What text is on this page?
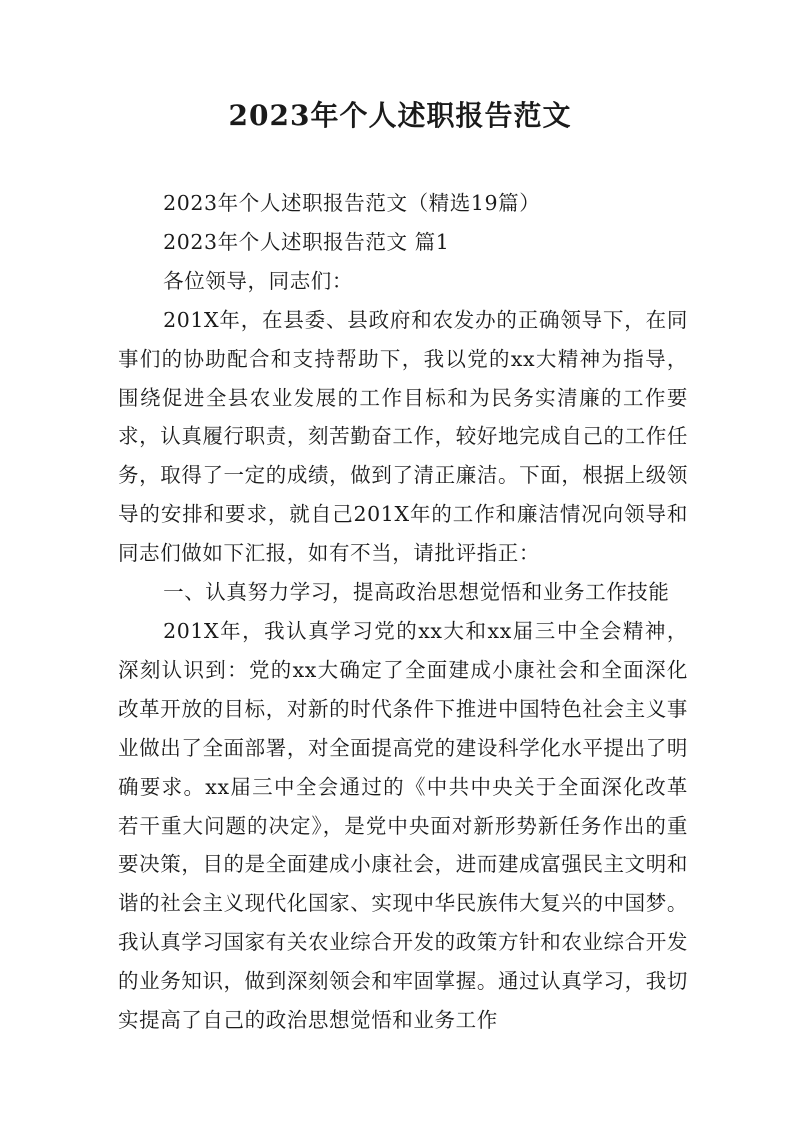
2023年个人述职报告范文

2023年个人述职报告范文（精选19篇）

2023年个人述职报告范文 篇1

各位领导，同志们：

201X年，在县委、县政府和农发办的正确领导下，在同事们的协助配合和支持帮助下，我以党的xx大精神为指导，围绕促进全县农业发展的工作目标和为民务实清廉的工作要求，认真履行职责，刻苦勤奋工作，较好地完成自己的工作任务，取得了一定的成绩，做到了清正廉洁。下面，根据上级领导的安排和要求，就自己201X年的工作和廉洁情况向领导和同志们做如下汇报，如有不当，请批评指正：

一、认真努力学习，提高政治思想觉悟和业务工作技能

201X年，我认真学习党的xx大和xx届三中全会精神，深刻认识到：党的xx大确定了全面建成小康社会和全面深化改革开放的目标，对新的时代条件下推进中国特色社会主义事业做出了全面部署，对全面提高党的建设科学化水平提出了明确要求。xx届三中全会通过的《中共中央关于全面深化改革若干重大问题的决定》，是党中央面对新形势新任务作出的重要决策，目的是全面建成小康社会，进而建成富强民主文明和谐的社会主义现代化国家、实现中华民族伟大复兴的中国梦。我认真学习国家有关农业综合开发的政策方针和农业综合开发的业务知识，做到深刻领会和牢固掌握。通过认真学习，我切实提高了自己的政治思想觉悟和业务工作
